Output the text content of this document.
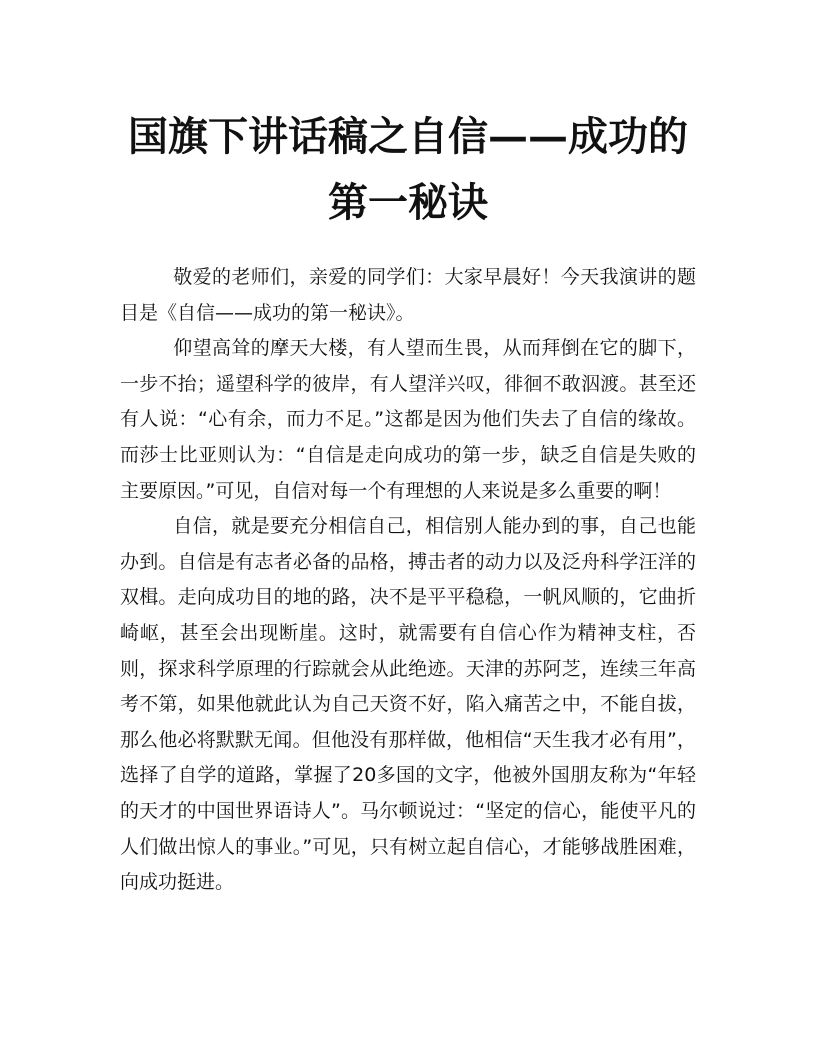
国旗下讲话稿之自信——成功的第一秘诀

敬爱的老师们，亲爱的同学们：大家早晨好！今天我演讲的题目是《自信——成功的第一秘诀》。

仰望高耸的摩天大楼，有人望而生畏，从而拜倒在它的脚下，一步不抬；遥望科学的彼岸，有人望洋兴叹，徘徊不敢泅渡。甚至还有人说：“心有余，而力不足。”这都是因为他们失去了自信的缘故。而莎士比亚则认为：“自信是走向成功的第一步，缺乏自信是失败的主要原因。”可见，自信对每一个有理想的人来说是多么重要的啊！

自信，就是要充分相信自己，相信别人能办到的事，自己也能办到。自信是有志者必备的品格，搏击者的动力以及泛舟科学汪洋的双楫。走向成功目的地的路，决不是平平稳稳，一帆风顺的，它曲折崎岖，甚至会出现断崖。这时，就需要有自信心作为精神支柱，否则，探求科学原理的行踪就会从此绝迹。天津的苏阿芝，连续三年高考不第，如果他就此认为自己天资不好，陷入痛苦之中，不能自拔，那么他必将默默无闻。但他没有那样做，他相信“天生我才必有用”，选择了自学的道路，掌握了20多国的文字，他被外国朋友称为“年轻的天才的中国世界语诗人”。马尔顿说过：“坚定的信心，能使平凡的人们做出惊人的事业。”可见，只有树立起自信心，才能够战胜困难，向成功挺进。
